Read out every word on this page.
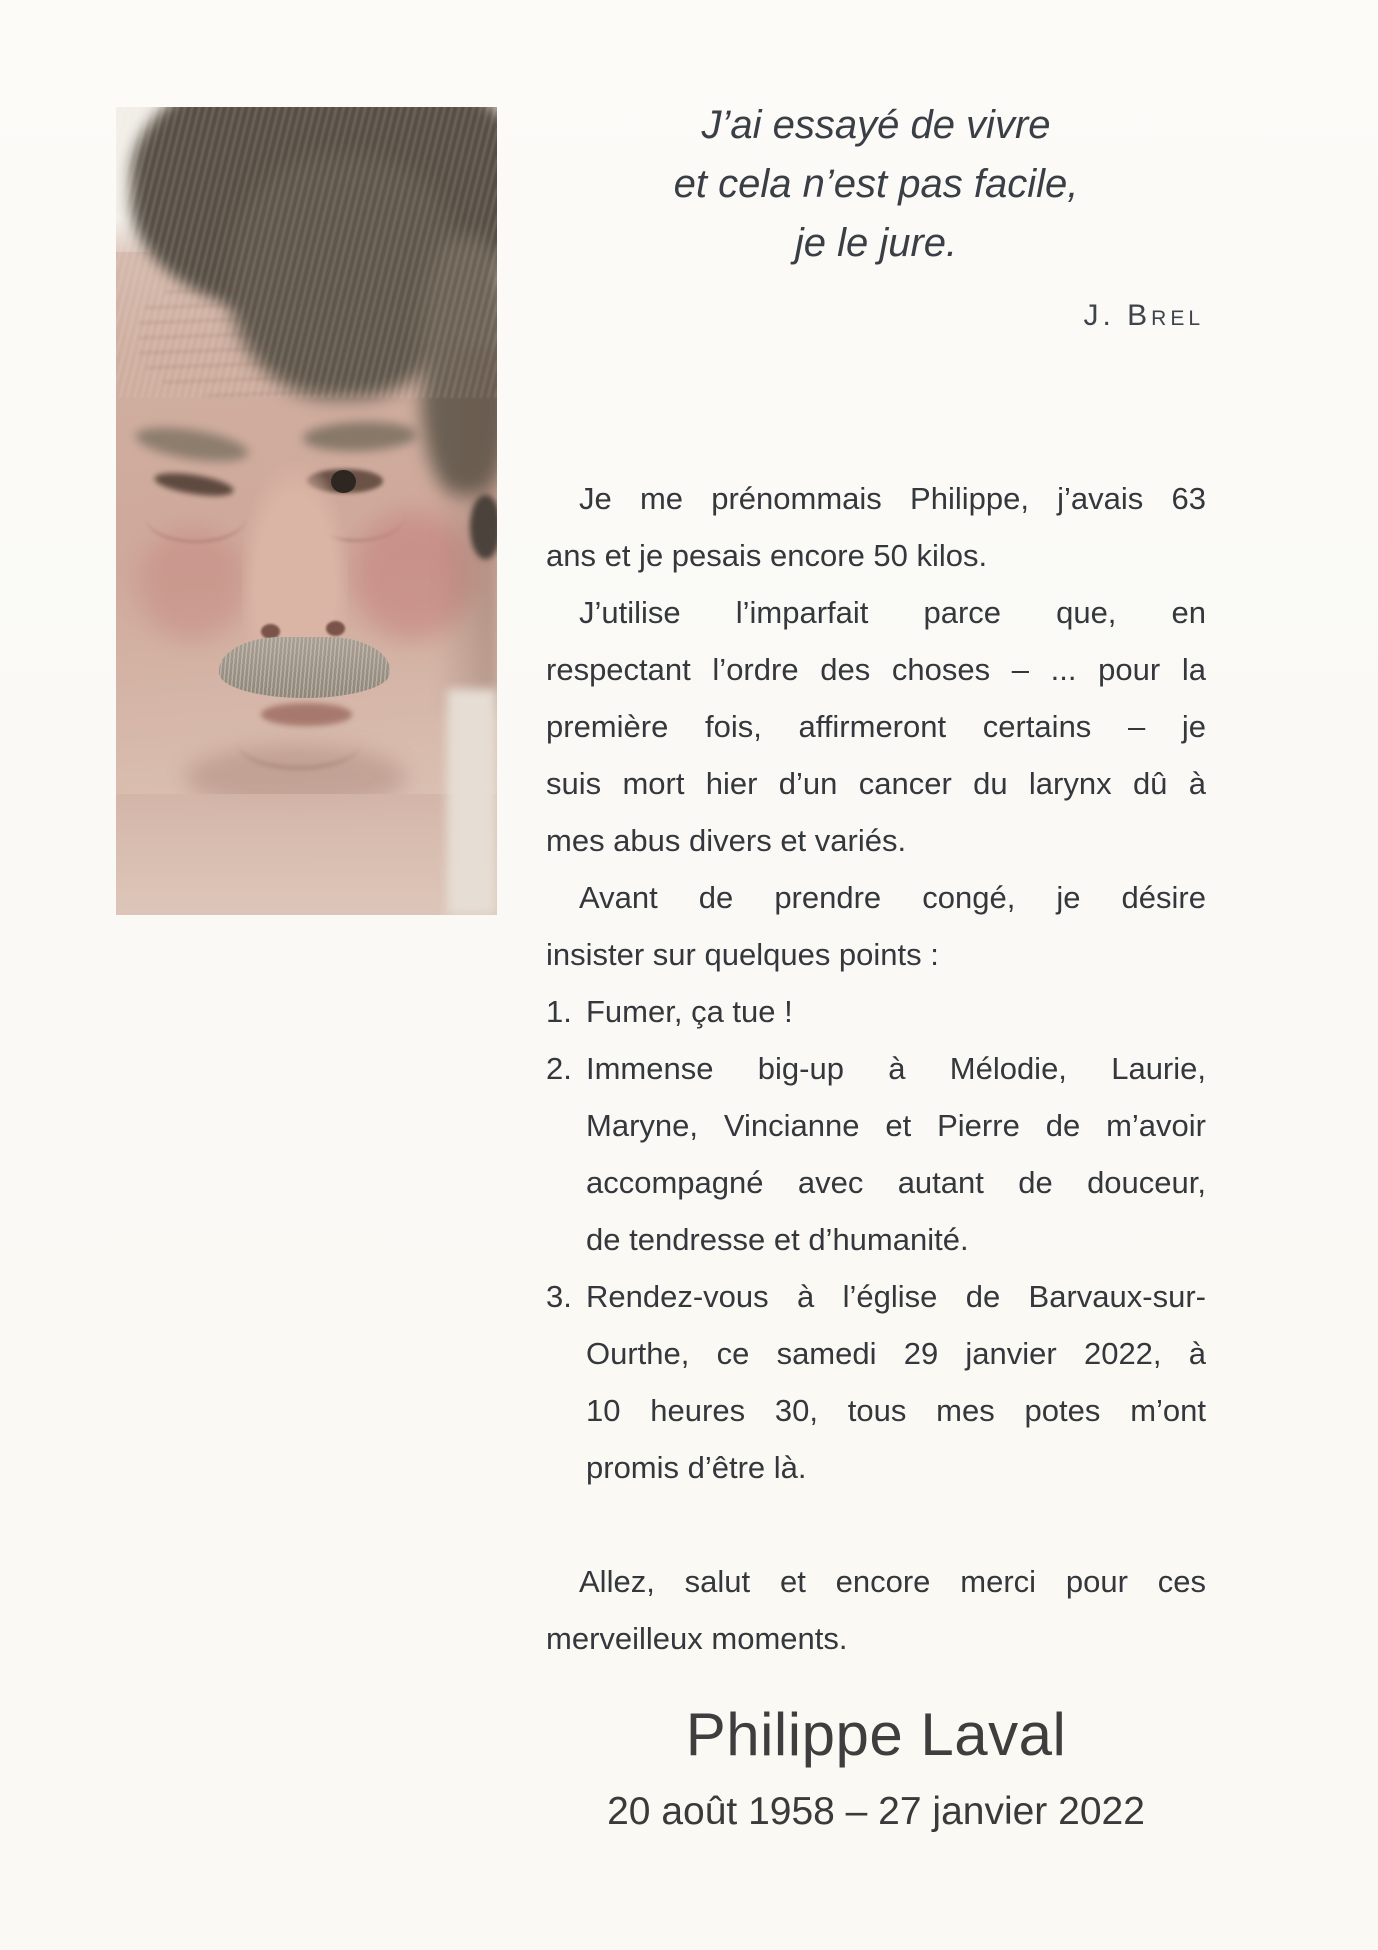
J’ai essayé de vivre
et cela n’est pas facile,
je le jure.
J. Brel
Je me prénommais Philippe, j’avais 63
ans et je pesais encore 50 kilos.
J’utilise l’imparfait parce que, en
respectant l’ordre des choses – ... pour la
première fois, affirmeront certains – je
suis mort hier d’un cancer du larynx dû à
mes abus divers et variés.
Avant de prendre congé, je désire
insister sur quelques points :
1. Fumer, ça tue !
2. Immense big-up à Mélodie, Laurie,
Maryne, Vincianne et Pierre de m’avoir
accompagné avec autant de douceur,
de tendresse et d’humanité.
3. Rendez-vous à l’église de Barvaux-sur-
Ourthe, ce samedi 29 janvier 2022, à
10 heures 30, tous mes potes m’ont
promis d’être là.
Allez, salut et encore merci pour ces
merveilleux moments.
Philippe Laval
20 août 1958 – 27 janvier 2022
